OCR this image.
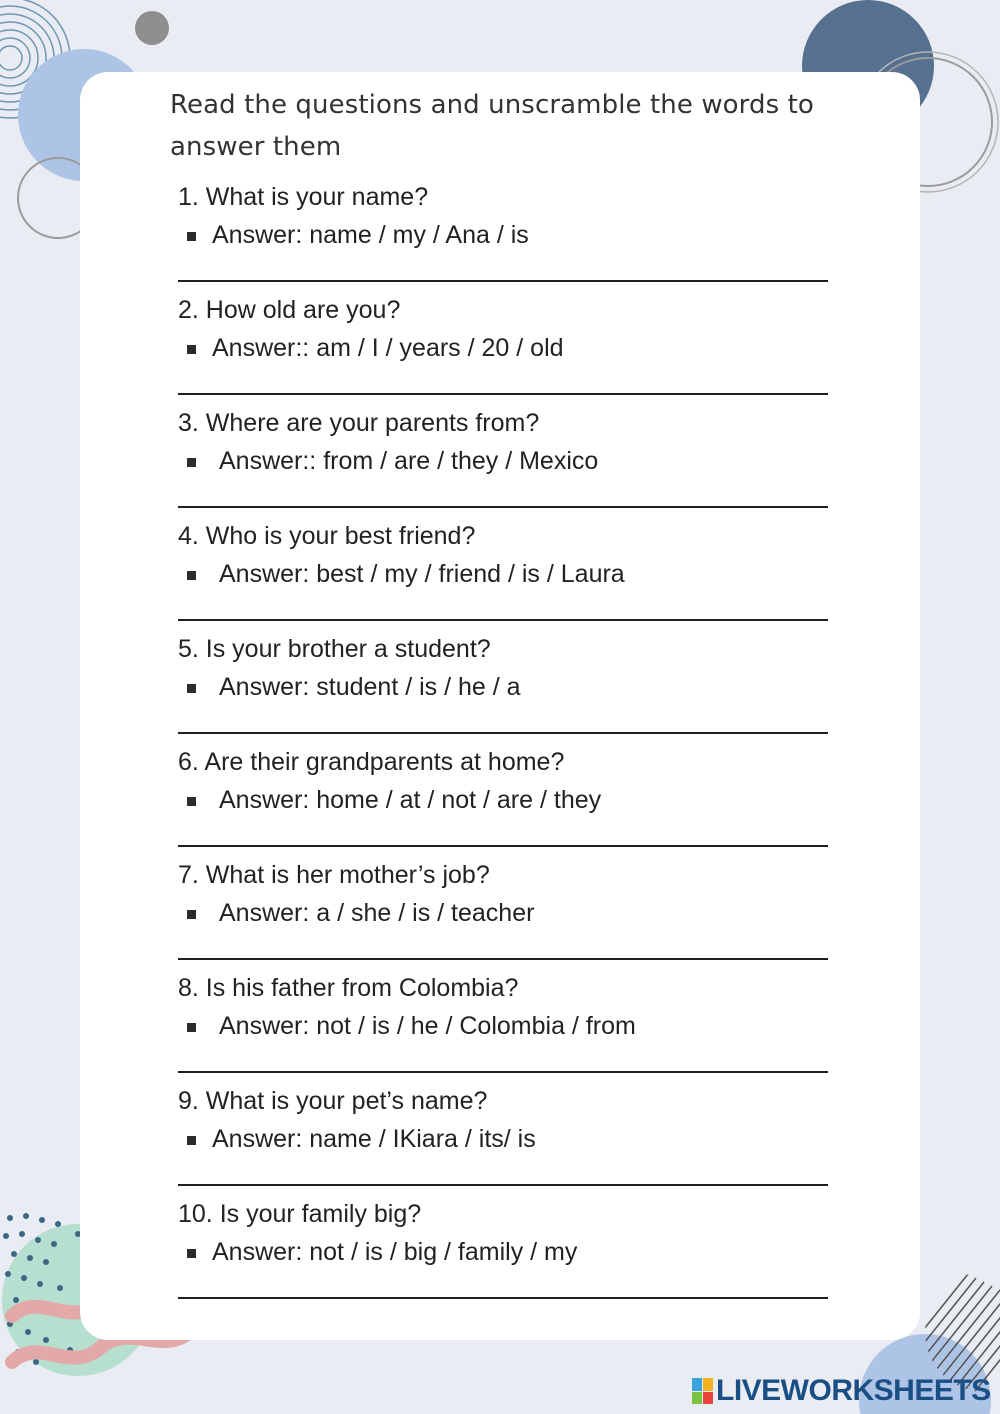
Read the questions and unscramble the words to
answer them
1. What is your name?
Answer: name / my / Ana / is
2. How old are you?
Answer:: am / I / years / 20 / old
3. Where are your parents from?
Answer:: from / are / they / Mexico
4. Who is your best friend?
Answer: best / my / friend / is / Laura
5. Is your brother a student?
Answer: student / is / he / a
6. Are their grandparents at home?
Answer: home / at / not / are / they
7. What is her mother’s job?
Answer: a / she / is / teacher
8. Is his father from Colombia?
Answer: not / is / he / Colombia / from
9. What is your pet’s name?
Answer: name / IKiara / its/ is
10. Is your family big?
Answer: not / is / big / family / my
LIVEWORKSHEETS
